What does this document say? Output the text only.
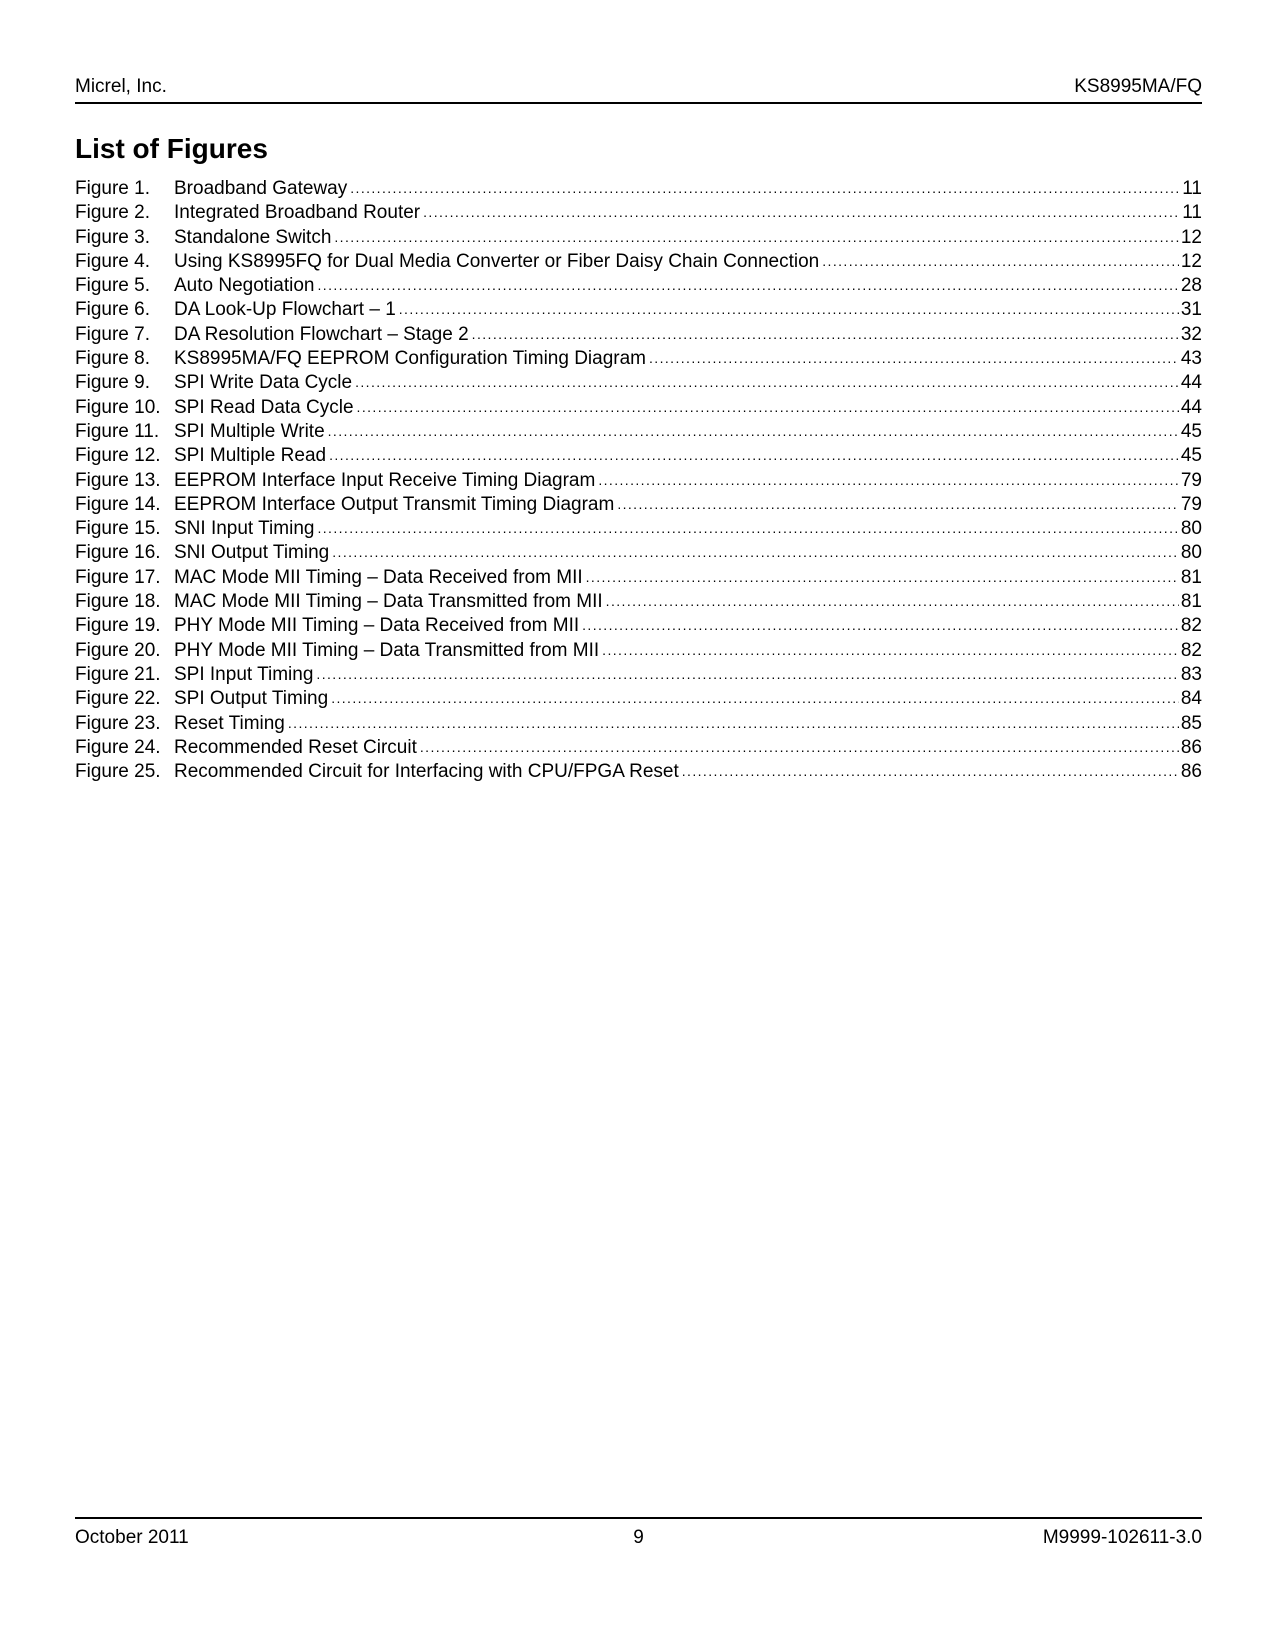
Micrel, Inc.	KS8995MA/FQ
List of Figures
Figure 1.	Broadband Gateway .....	11
Figure 2.	Integrated Broadband Router .....	11
Figure 3.	Standalone Switch .....	12
Figure 4.	Using KS8995FQ for Dual Media Converter or Fiber Daisy Chain Connection .....	12
Figure 5.	Auto Negotiation .....	28
Figure 6.	DA Look-Up Flowchart – 1 .....	31
Figure 7.	DA Resolution Flowchart – Stage 2 .....	32
Figure 8.	KS8995MA/FQ EEPROM Configuration Timing Diagram .....	43
Figure 9.	SPI Write Data Cycle .....	44
Figure 10. SPI Read Data Cycle .....	44
Figure 11. SPI Multiple Write .....	45
Figure 12. SPI Multiple Read .....	45
Figure 13. EEPROM Interface Input Receive Timing Diagram .....	79
Figure 14. EEPROM Interface Output Transmit Timing Diagram .....	79
Figure 15. SNI Input Timing .....	80
Figure 16. SNI Output Timing .....	80
Figure 17. MAC Mode MII Timing – Data Received from MII .....	81
Figure 18. MAC Mode MII Timing – Data Transmitted from MII .....	81
Figure 19. PHY Mode MII Timing – Data Received from MII .....	82
Figure 20. PHY Mode MII Timing – Data Transmitted from MII .....	82
Figure 21. SPI Input Timing .....	83
Figure 22. SPI Output Timing .....	84
Figure 23. Reset Timing .....	85
Figure 24. Recommended Reset Circuit .....	86
Figure 25. Recommended Circuit for Interfacing with CPU/FPGA Reset .....	86
October 2011	9	M9999-102611-3.0
